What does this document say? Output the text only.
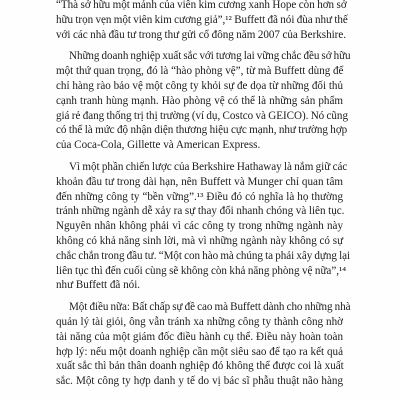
“Thà sở hữu một mảnh của viên kim cương xanh Hope còn hơn sở
hữu trọn vẹn một viên kim cương giả”,¹² Buffett đã nói đùa như thế
với các nhà đầu tư trong thư gửi cổ đông năm 2007 của Berkshire.

Những doanh nghiệp xuất sắc với tương lai vững chắc đều sở hữu
một thứ quan trọng, đó là “hào phòng vệ”, từ mà Buffett dùng để
chỉ hàng rào bảo vệ một công ty khỏi sự đe dọa từ những đối thủ
cạnh tranh hùng mạnh. Hào phòng vệ có thể là những sản phẩm
giá rẻ đang thống trị thị trường (ví dụ, Costco và GEICO). Nó cũng
có thể là mức độ nhận diện thương hiệu cực mạnh, như trường hợp
của Coca-Cola, Gillette và American Express.

Vì một phần chiến lược của Berkshire Hathaway là nắm giữ các
khoản đầu tư trong dài hạn, nên Buffett và Munger chỉ quan tâm
đến những công ty “bền vững”.¹³ Điều đó có nghĩa là họ thường
tránh những ngành dễ xảy ra sự thay đổi nhanh chóng và liên tục.
Nguyên nhân không phải vì các công ty trong những ngành này
không có khả năng sinh lời, mà vì những ngành này không có sự
chắc chắn trong đầu tư. “Một con hào mà chúng ta phải xây dựng lại
liên tục thì đến cuối cùng sẽ không còn khả năng phòng vệ nữa”,¹⁴
như Buffett đã nói.

Một điều nữa: Bất chấp sự đề cao mà Buffett dành cho những nhà
quản lý tài giỏi, ông vẫn tránh xa những công ty thành công nhờ
tài năng của một giám đốc điều hành cụ thể. Điều này hoàn toàn
hợp lý: nếu một doanh nghiệp cần một siêu sao để tạo ra kết quả
xuất sắc thì bản thân doanh nghiệp đó không thể được coi là xuất
sắc. Một công ty hợp danh y tế do vị bác sĩ phẫu thuật não hàng
